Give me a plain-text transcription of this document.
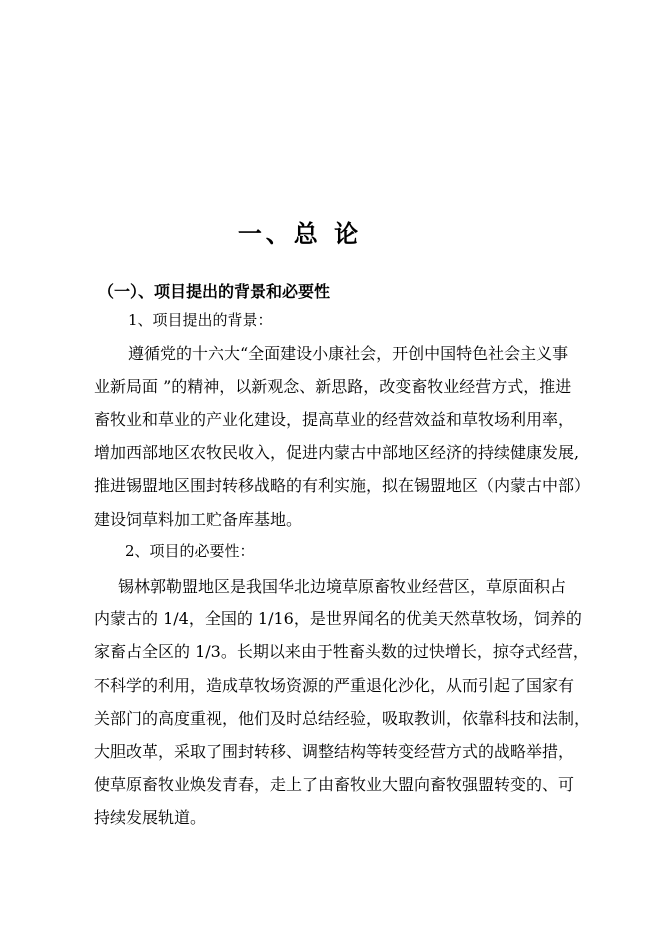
一、总 论
（一）、项目提出的背景和必要性
1、项目提出的背景：
遵循党的十六大“全面建设小康社会，开创中国特色社会主义事
业新局面 ”的精神，以新观念、新思路，改变畜牧业经营方式，推进
畜牧业和草业的产业化建设，提高草业的经营效益和草牧场利用率，
增加西部地区农牧民收入，促进内蒙古中部地区经济的持续健康发展,
推进锡盟地区围封转移战略的有利实施，拟在锡盟地区（内蒙古中部）
建设饲草料加工贮备库基地。
2、项目的必要性：
锡林郭勒盟地区是我国华北边境草原畜牧业经营区，草原面积占
内蒙古的 1/4，全国的 1/16，是世界闻名的优美天然草牧场，饲养的
家畜占全区的 1/3。长期以来由于牲畜头数的过快增长，掠夺式经营，
不科学的利用，造成草牧场资源的严重退化沙化，从而引起了国家有
关部门的高度重视，他们及时总结经验，吸取教训，依靠科技和法制，
大胆改革，采取了围封转移、调整结构等转变经营方式的战略举措，
使草原畜牧业焕发青春，走上了由畜牧业大盟向畜牧强盟转变的、可
持续发展轨道。
